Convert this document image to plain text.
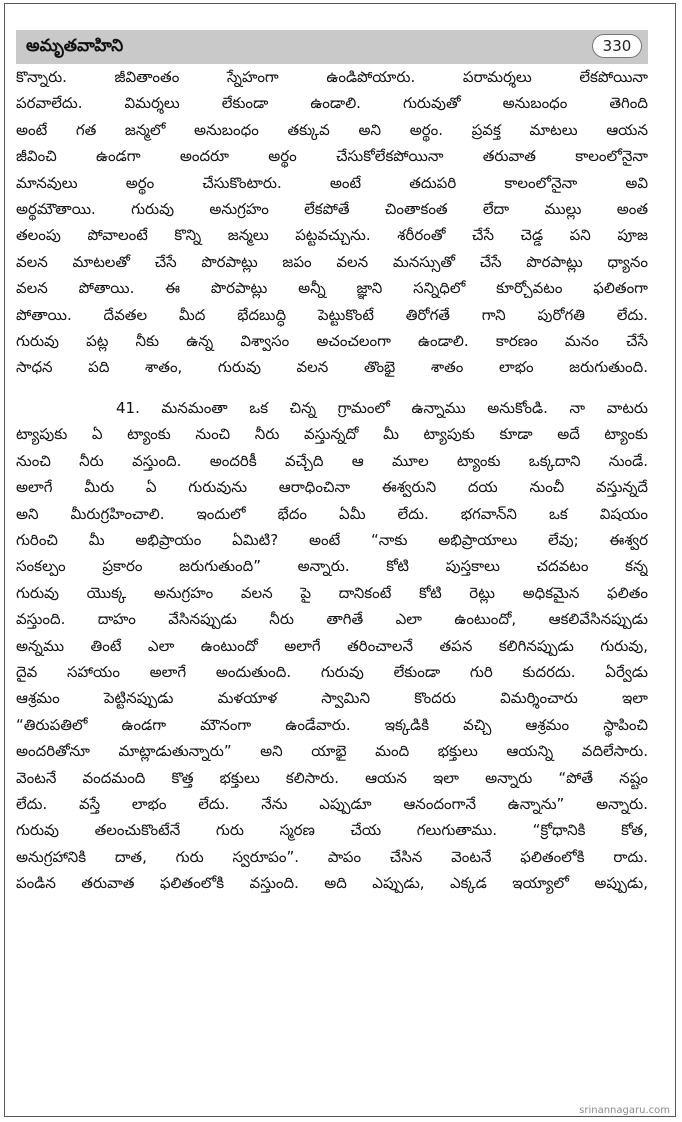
అమృతవాహిని	330

కొన్నారు. జీవితాంతం స్నేహంగా ఉండిపోయారు. పరామర్శలు లేకపోయినా
పరవాలేదు. విమర్శలు లేకుండా ఉండాలి. గురువుతో అనుబంధం తెగింది
అంటే గత జన్మలో అనుబంధం తక్కువ అని అర్థం. ప్రవక్త మాటలు ఆయన
జీవించి ఉండగా అందరూ అర్థం చేసుకోలేకపోయినా తరువాత కాలంలోనైనా
మానవులు అర్థం చేసుకొంటారు. అంటే తదుపరి కాలంలోనైనా అవి
అర్థమౌతాయి. గురువు అనుగ్రహం లేకపోతే చింతాకంత లేదా ముల్లు అంత
తలంపు పోవాలంటే కొన్ని జన్మలు పట్టవచ్చును. శరీరంతో చేసే చెడ్డ పని పూజ
వలన మాటలతో చేసే పొరపాట్లు జపం వలన మనస్సుతో చేసే పొరపాట్లు ధ్యానం
వలన పోతాయి. ఈ పొరపాట్లు అన్నీ జ్ఞాని సన్నిధిలో కూర్చోవటం ఫలితంగా
పోతాయి. దేవతల మీద భేదబుద్ధి పెట్టుకొంటే తిరోగతే గాని పురోగతి లేదు.
గురువు పట్ల నీకు ఉన్న విశ్వాసం అచంచలంగా ఉండాలి. కారణం మనం చేసే
సాధన పది శాతం, గురువు వలన తొంభై శాతం లాభం జరుగుతుంది.

41. మనమంతా ఒక చిన్న గ్రామంలో ఉన్నాము అనుకోండి. నా వాటరు
ట్యాపుకు ఏ ట్యాంకు నుంచి నీరు వస్తున్నదో మీ ట్యాపుకు కూడా అదే ట్యాంకు
నుంచి నీరు వస్తుంది. అందరికీ వచ్చేది ఆ మూల ట్యాంకు ఒక్కదాని నుండే.
అలాగే మీరు ఏ గురువును ఆరాధించినా ఈశ్వరుని దయ నుంచీ వస్తున్నదే
అని మీరుగ్రహించాలి. ఇందులో భేదం ఏమీ లేదు. భగవాన్‌ని ఒక విషయం
గురించి మీ అభిప్రాయం ఏమిటి? అంటే “నాకు అభిప్రాయాలు లేవు; ఈశ్వర
సంకల్పం ప్రకారం జరుగుతుంది” అన్నారు. కోటి పుస్తకాలు చదవటం కన్న
గురువు యొక్క అనుగ్రహం వలన పై దానికంటే కోటి రెట్లు అధికమైన ఫలితం
వస్తుంది. దాహం వేసినప్పుడు నీరు తాగితే ఎలా ఉంటుందో, ఆకలివేసినప్పుడు
అన్నము తింటే ఎలా ఉంటుందో అలాగే తరించాలనే తపన కలిగినప్పుడు గురువు,
దైవ సహాయం అలాగే అందుతుంది. గురువు లేకుండా గురి కుదరదు. ఏర్వేడు
ఆశ్రమం పెట్టినప్పుడు మళయాళ స్వామిని కొందరు విమర్శించారు ఇలా
“తిరుపతిలో ఉండగా మౌనంగా ఉండేవారు. ఇక్కడికి వచ్చి ఆశ్రమం స్థాపించి
అందరితోనూ మాట్లాడుతున్నారు” అని యాభై మంది భక్తులు ఆయన్ని వదిలేసారు.
వెంటనే వందమంది కొత్త భక్తులు కలిసారు. ఆయన ఇలా అన్నారు “పోతే నష్టం
లేదు. వస్తే లాభం లేదు. నేను ఎప్పుడూ ఆనందంగానే ఉన్నాను” అన్నారు.
గురువు తలంచుకొంటేనే గురు స్మరణ చేయ గలుగుతాము. “క్రోధానికి కోత,
అనుగ్రహానికి దాత, గురు స్వరూపం”. పాపం చేసిన వెంటనే ఫలితంలోకి రాదు.
పండిన తరువాత ఫలితంలోకి వస్తుంది. అది ఎప్పుడు, ఎక్కడ ఇయ్యాలో అప్పుడు,

srinannagaru.com
